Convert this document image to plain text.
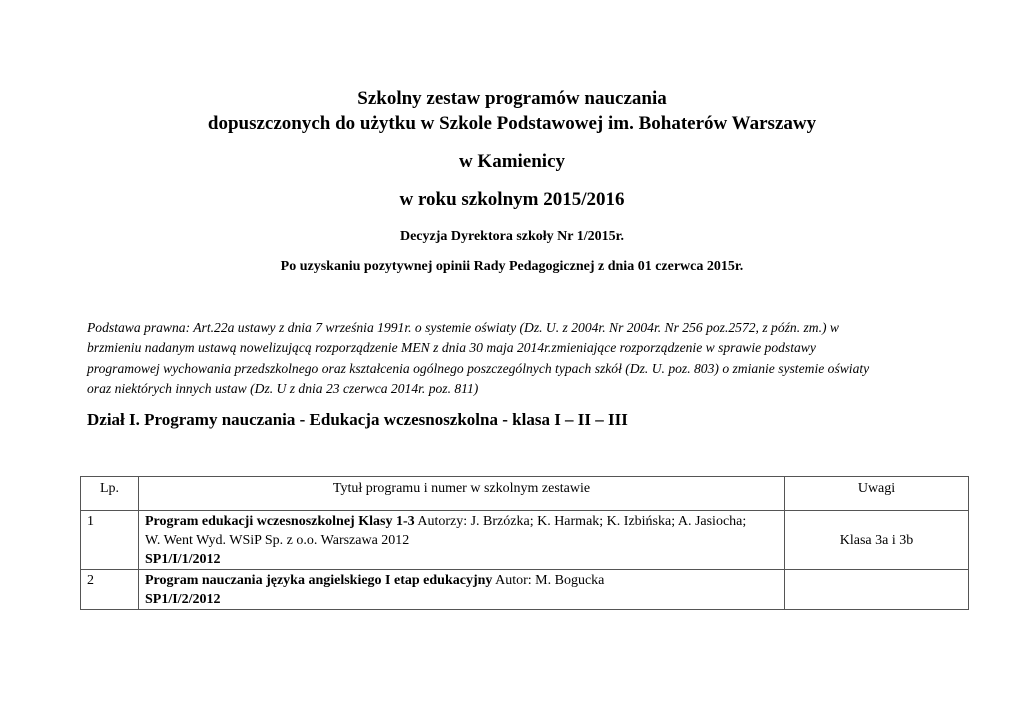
Szkolny zestaw programów nauczania
dopuszczonych do użytku w Szkole Podstawowej im. Bohaterów Warszawy
w Kamienicy
w roku szkolnym 2015/2016
Decyzja Dyrektora szkoły Nr 1/2015r.
Po uzyskaniu pozytywnej opinii Rady Pedagogicznej z dnia 01 czerwca 2015r.
Podstawa prawna: Art.22a ustawy z dnia 7 września 1991r. o systemie oświaty (Dz. U. z 2004r. Nr 2004r. Nr 256 poz.2572, z późn. zm.) w
brzmieniu nadanym ustawą nowelizującą rozporządzenie MEN z dnia 30 maja 2014r.zmieniające rozporządzenie w sprawie podstawy
programowej wychowania przedszkolnego oraz kształcenia ogólnego poszczególnych typach szkół (Dz. U. poz. 803) o zmianie systemie oświaty
oraz niektórych innych ustaw (Dz. U z dnia 23 czerwca 2014r. poz. 811)
Dział I. Programy nauczania - Edukacja wczesnoszkolna - klasa I – II – III
Lp.	Tytuł programu i numer w szkolnym zestawie	Uwagi
1	Program edukacji wczesnoszkolnej Klasy 1-3 Autorzy: J. Brzózka; K. Harmak; K. Izbińska; A. Jasiocha;
W. Went Wyd. WSiP Sp. z o.o. Warszawa 2012
SP1/I/1/2012	Klasa 3a i 3b
2	Program nauczania języka angielskiego I etap edukacyjny Autor: M. Bogucka
SP1/I/2/2012	
